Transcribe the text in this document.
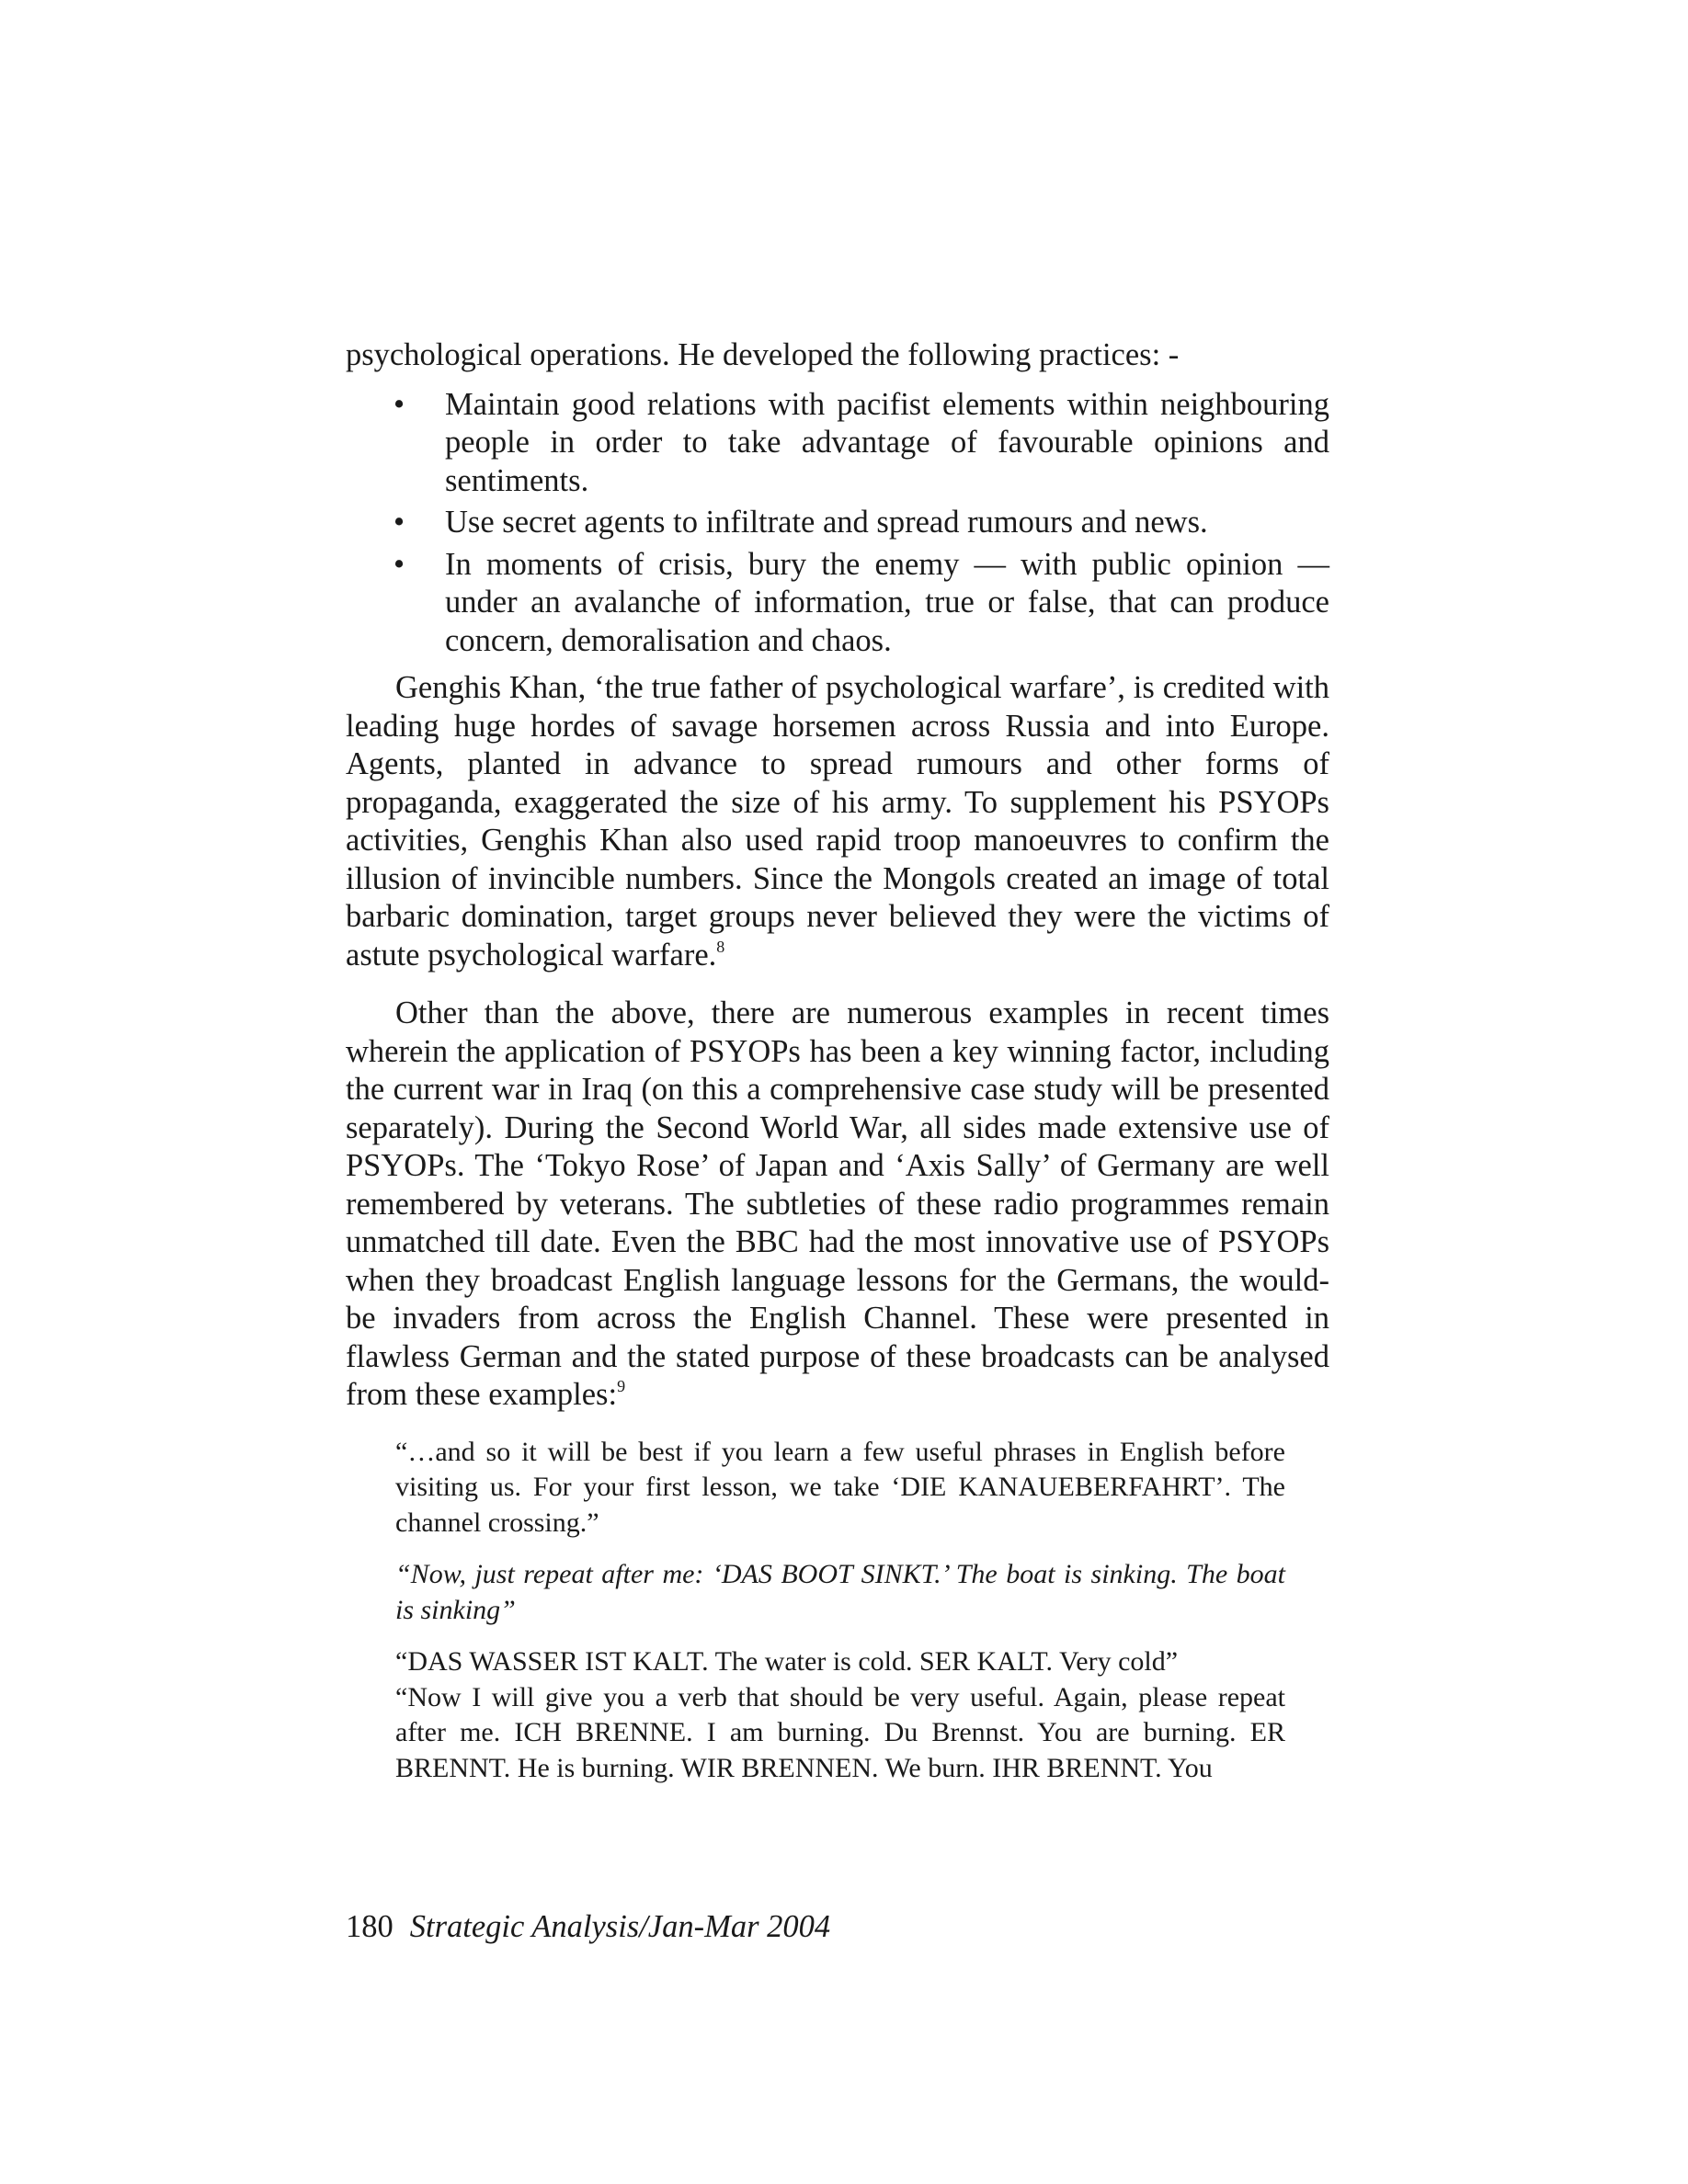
psychological operations. He developed the following practices: -

• Maintain good relations with pacifist elements within neighbouring people in order to take advantage of favourable opinions and sentiments.
• Use secret agents to infiltrate and spread rumours and news.
• In moments of crisis, bury the enemy — with public opinion — under an avalanche of information, true or false, that can produce concern, demoralisation and chaos.

Genghis Khan, ‘the true father of psychological warfare’, is credited with leading huge hordes of savage horsemen across Russia and into Europe. Agents, planted in advance to spread rumours and other forms of propaganda, exaggerated the size of his army. To supplement his PSYOPs activities, Genghis Khan also used rapid troop manoeuvres to confirm the illusion of invincible numbers. Since the Mongols created an image of total barbaric domination, target groups never believed they were the victims of astute psychological warfare.$^8$

Other than the above, there are numerous examples in recent times wherein the application of PSYOPs has been a key winning factor, including the current war in Iraq (on this a comprehensive case study will be presented separately). During the Second World War, all sides made extensive use of PSYOPs. The ‘Tokyo Rose’ of Japan and ‘Axis Sally’ of Germany are well remembered by veterans. The subtleties of these radio programmes remain unmatched till date. Even the BBC had the most innovative use of PSYOPs when they broadcast English language lessons for the Germans, the would-be invaders from across the English Channel. These were presented in flawless German and the stated purpose of these broadcasts can be analysed from these examples:$^9$

“…and so it will be best if you learn a few useful phrases in English before visiting us. For your first lesson, we take ‘DIE KANAUEBERFAHRT’. The channel crossing.”

“Now, just repeat after me: ‘DAS BOOT SINKT.’ The boat is sinking. The boat is sinking”

“DAS WASSER IST KALT. The water is cold. SER KALT. Very cold”

“Now I will give you a verb that should be very useful. Again, please repeat after me. ICH BRENNE. I am burning. Du Brennst. You are burning. ER BRENNT. He is burning. WIR BRENNEN. We burn. IHR BRENNT. You

180 Strategic Analysis/Jan-Mar 2004
